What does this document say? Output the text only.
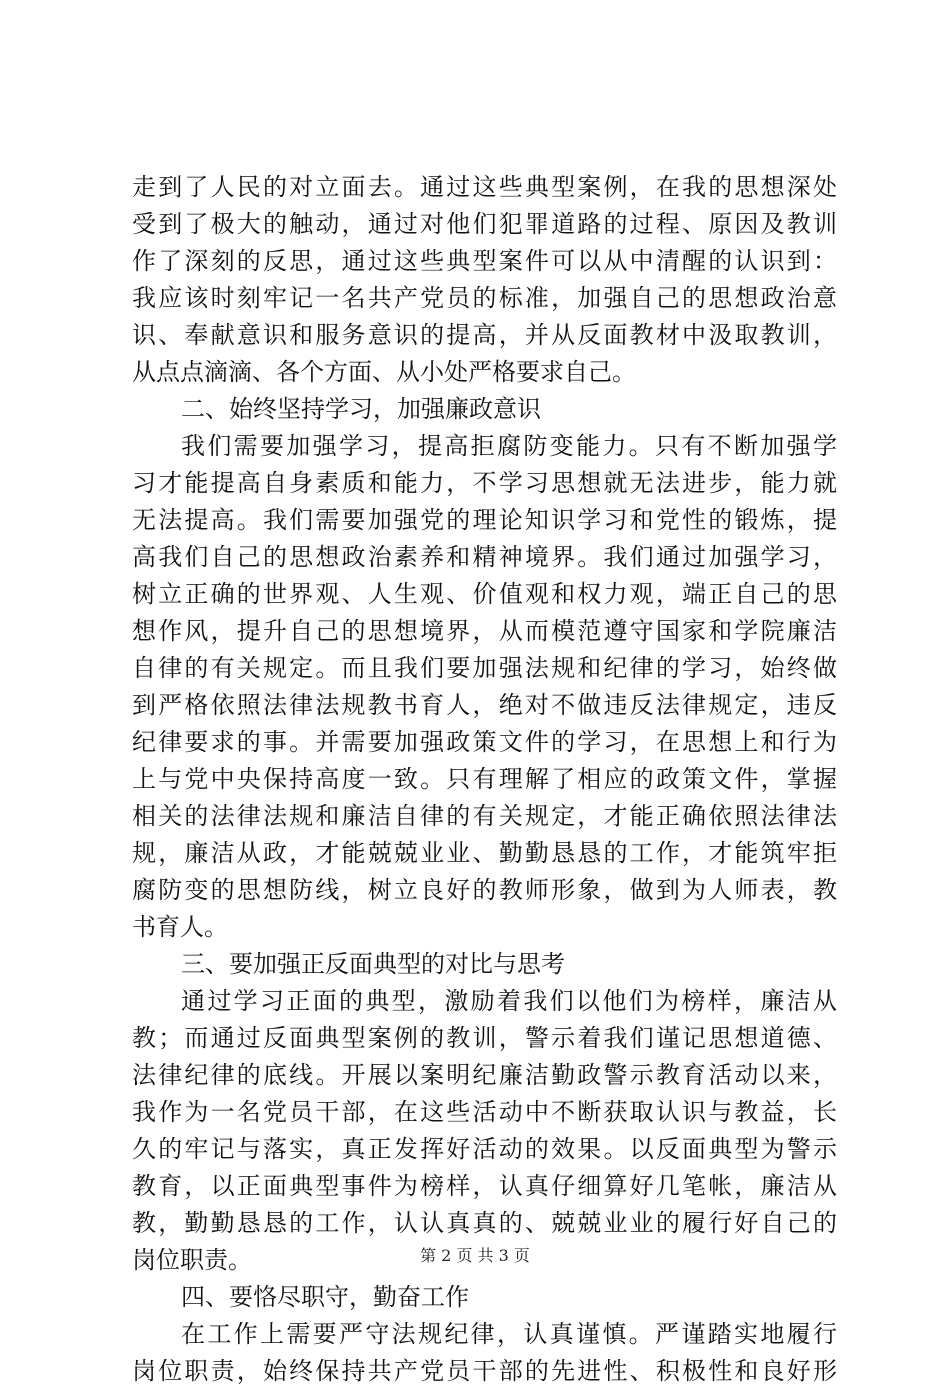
走到了人民的对立面去。通过这些典型案例，在我的思想深处
受到了极大的触动，通过对他们犯罪道路的过程、原因及教训
作了深刻的反思，通过这些典型案件可以从中清醒的认识到：
我应该时刻牢记一名共产党员的标准，加强自己的思想政治意
识、奉献意识和服务意识的提高，并从反面教材中汲取教训，
从点点滴滴、各个方面、从小处严格要求自己。
二、始终坚持学习，加强廉政意识
我们需要加强学习，提高拒腐防变能力。只有不断加强学
习才能提高自身素质和能力，不学习思想就无法进步，能力就
无法提高。我们需要加强党的理论知识学习和党性的锻炼，提
高我们自己的思想政治素养和精神境界。我们通过加强学习，
树立正确的世界观、人生观、价值观和权力观，端正自己的思
想作风，提升自己的思想境界，从而模范遵守国家和学院廉洁
自律的有关规定。而且我们要加强法规和纪律的学习，始终做
到严格依照法律法规教书育人，绝对不做违反法律规定，违反
纪律要求的事。并需要加强政策文件的学习，在思想上和行为
上与党中央保持高度一致。只有理解了相应的政策文件，掌握
相关的法律法规和廉洁自律的有关规定，才能正确依照法律法
规，廉洁从政，才能兢兢业业、勤勤恳恳的工作，才能筑牢拒
腐防变的思想防线，树立良好的教师形象，做到为人师表，教
书育人。
三、要加强正反面典型的对比与思考
通过学习正面的典型，激励着我们以他们为榜样，廉洁从
教；而通过反面典型案例的教训，警示着我们谨记思想道德、
法律纪律的底线。开展以案明纪廉洁勤政警示教育活动以来，
我作为一名党员干部，在这些活动中不断获取认识与教益，长
久的牢记与落实，真正发挥好活动的效果。以反面典型为警示
教育，以正面典型事件为榜样，认真仔细算好几笔帐，廉洁从
教，勤勤恳恳的工作，认认真真的、兢兢业业的履行好自己的
岗位职责。
四、要恪尽职守，勤奋工作
在工作上需要严守法规纪律，认真谨慎。严谨踏实地履行
岗位职责，始终保持共产党员干部的先进性、积极性和良好形
第 2 页 共 3 页
